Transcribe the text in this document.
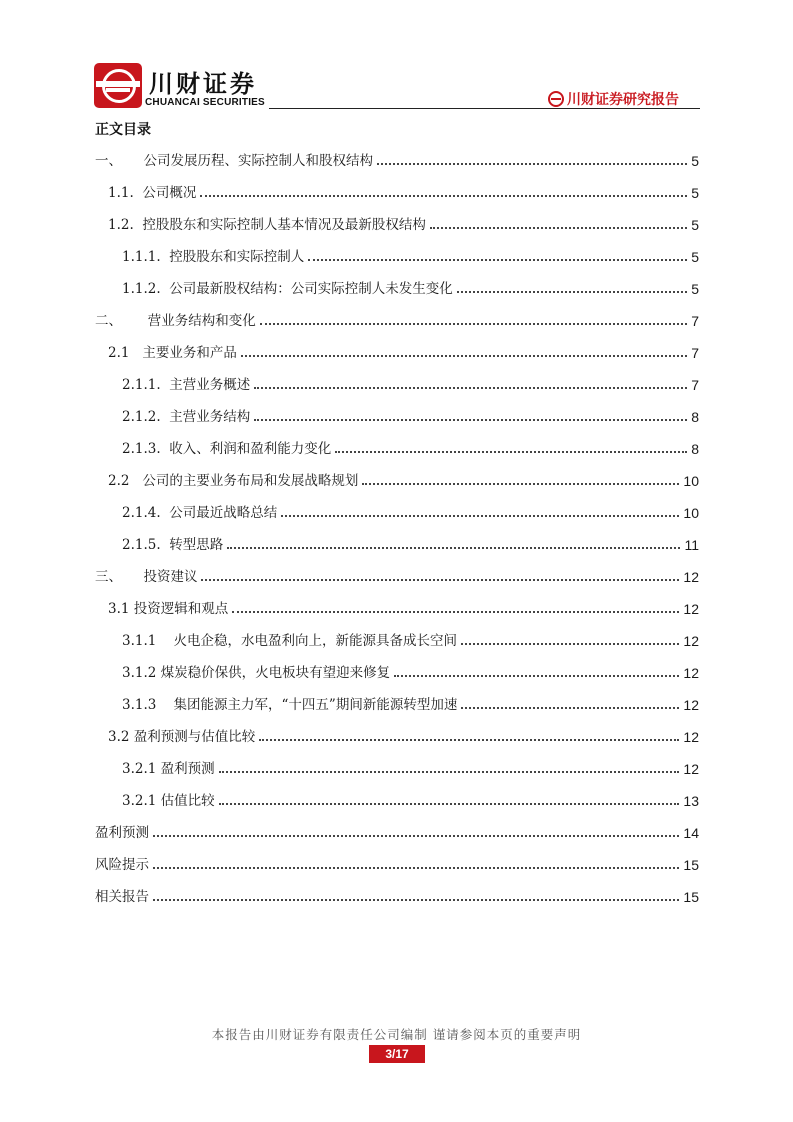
川财证券
CHUANCAI SECURITIES	川财证券研究报告
正文目录
一、 公司发展历程、实际控制人和股权结构	5
1.1. 公司概况	5
1.2. 控股股东和实际控制人基本情况及最新股权结构	5
1.1.1. 控股股东和实际控制人	5
1.1.2. 公司最新股权结构：公司实际控制人未发生变化	5
二、 营业务结构和变化	7
2.1 主要业务和产品	7
2.1.1. 主营业务概述	7
2.1.2. 主营业务结构	8
2.1.3. 收入、利润和盈利能力变化	8
2.2 公司的主要业务布局和发展战略规划	10
2.1.4. 公司最近战略总结	10
2.1.5. 转型思路	11
三、 投资建议	12
3.1 投资逻辑和观点	12
3.1.1 火电企稳，水电盈利向上，新能源具备成长空间	12
3.1.2 煤炭稳价保供，火电板块有望迎来修复	12
3.1.3 集团能源主力军，“十四五”期间新能源转型加速	12
3.2 盈利预测与估值比较	12
3.2.1 盈利预测	12
3.2.1 估值比较	13
盈利预测	14
风险提示	15
相关报告	15
本报告由川财证券有限责任公司编制 谨请参阅本页的重要声明
3/17
